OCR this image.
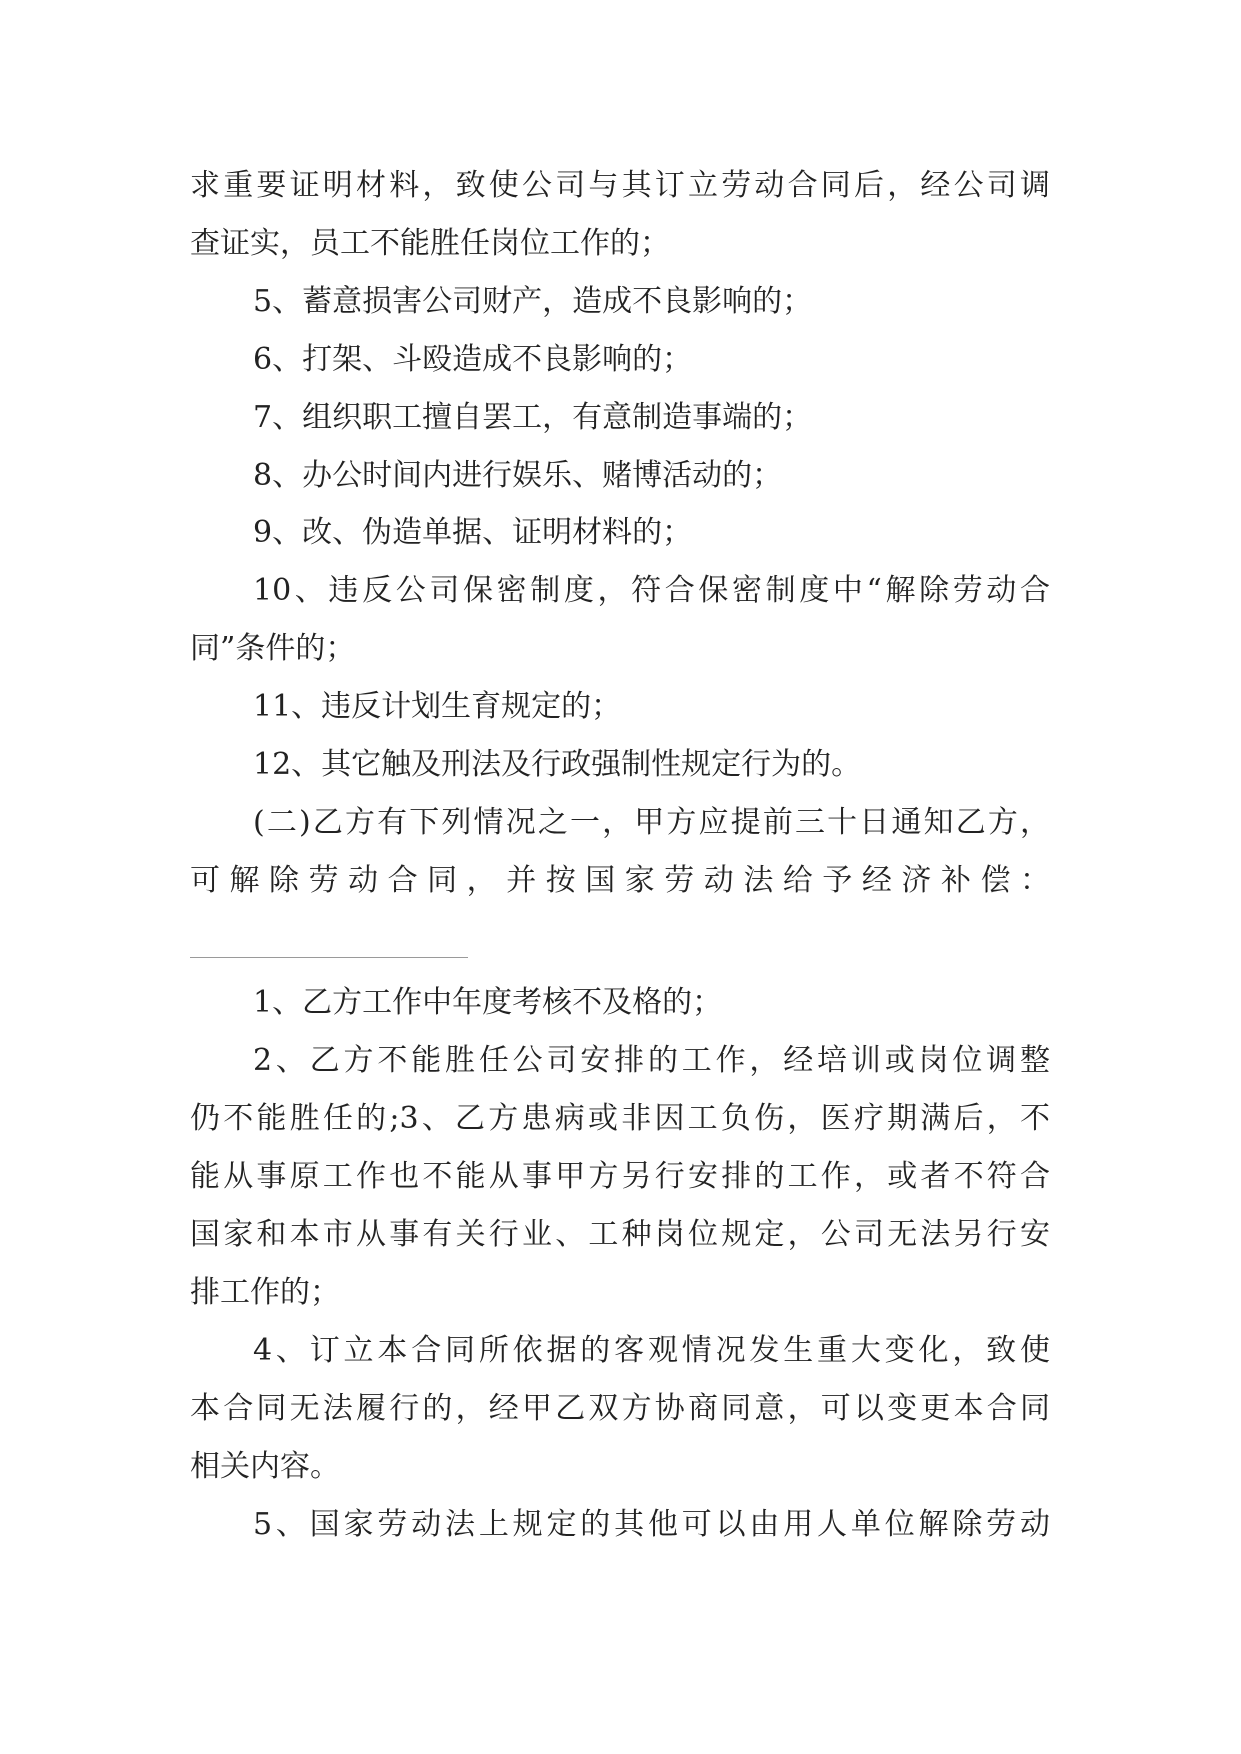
求重要证明材料，致使公司与其订立劳动合同后，经公司调
查证实，员工不能胜任岗位工作的；
5、蓄意损害公司财产，造成不良影响的；
6、打架、斗殴造成不良影响的；
7、组织职工擅自罢工，有意制造事端的；
8、办公时间内进行娱乐、赌博活动的；
9、改、伪造单据、证明材料的；
10、违反公司保密制度，符合保密制度中“解除劳动合
同”条件的；
11、违反计划生育规定的；
12、其它触及刑法及行政强制性规定行为的。
(二)乙方有下列情况之一，甲方应提前三十日通知乙方，
可解除劳动合同，并按国家劳动法给予经济补偿：
1、乙方工作中年度考核不及格的；
2、乙方不能胜任公司安排的工作，经培训或岗位调整
仍不能胜任的;3、乙方患病或非因工负伤，医疗期满后，不
能从事原工作也不能从事甲方另行安排的工作，或者不符合
国家和本市从事有关行业、工种岗位规定，公司无法另行安
排工作的；
4、订立本合同所依据的客观情况发生重大变化，致使
本合同无法履行的，经甲乙双方协商同意，可以变更本合同
相关内容。
5、国家劳动法上规定的其他可以由用人单位解除劳动
